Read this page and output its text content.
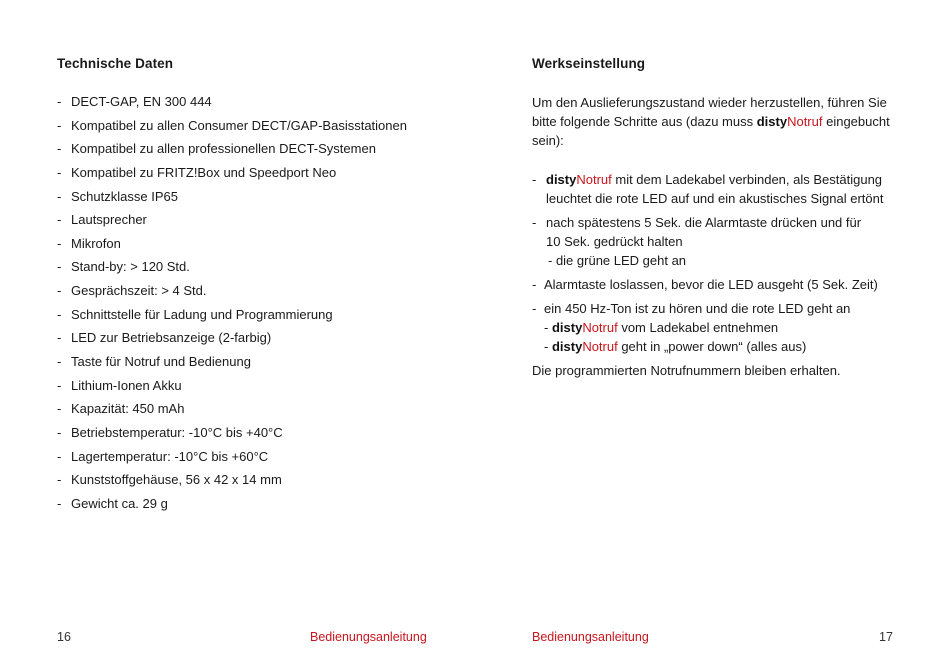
Technische Daten
- DECT-GAP, EN 300 444
- Kompatibel zu allen Consumer DECT/GAP-Basisstationen
- Kompatibel zu allen professionellen DECT-Systemen
- Kompatibel zu FRITZ!Box und Speedport Neo
- Schutzklasse IP65
- Lautsprecher
- Mikrofon
- Stand-by: > 120 Std.
- Gesprächszeit: > 4 Std.
- Schnittstelle für Ladung und Programmierung
- LED zur Betriebsanzeige (2-farbig)
- Taste für Notruf und Bedienung
- Lithium-Ionen Akku
- Kapazität: 450 mAh
- Betriebstemperatur: -10°C bis +40°C
- Lagertemperatur: -10°C bis +60°C
- Kunststoffgehäuse, 56 x 42 x 14 mm
- Gewicht ca. 29 g
16	Bedienungsanleitung
Werkseinstellung

Um den Auslieferungszustand wieder herzustellen, führen Sie bitte folgende Schritte aus (dazu muss distyNotruf eingebucht sein):

- distyNotruf mit dem Ladekabel verbinden, als Bestätigung
leuchtet die rote LED auf und ein akustisches Signal ertönt
- nach spätestens 5 Sek. die Alarmtaste drücken und für
10 Sek. gedrückt halten
- die grüne LED geht an
- Alarmtaste loslassen, bevor die LED ausgeht (5 Sek. Zeit)
- ein 450 Hz-Ton ist zu hören und die rote LED geht an
- distyNotruf vom Ladekabel entnehmen
- distyNotruf geht in „power down“ (alles aus)
Die programmierten Notrufnummern bleiben erhalten.
Bedienungsanleitung	17
